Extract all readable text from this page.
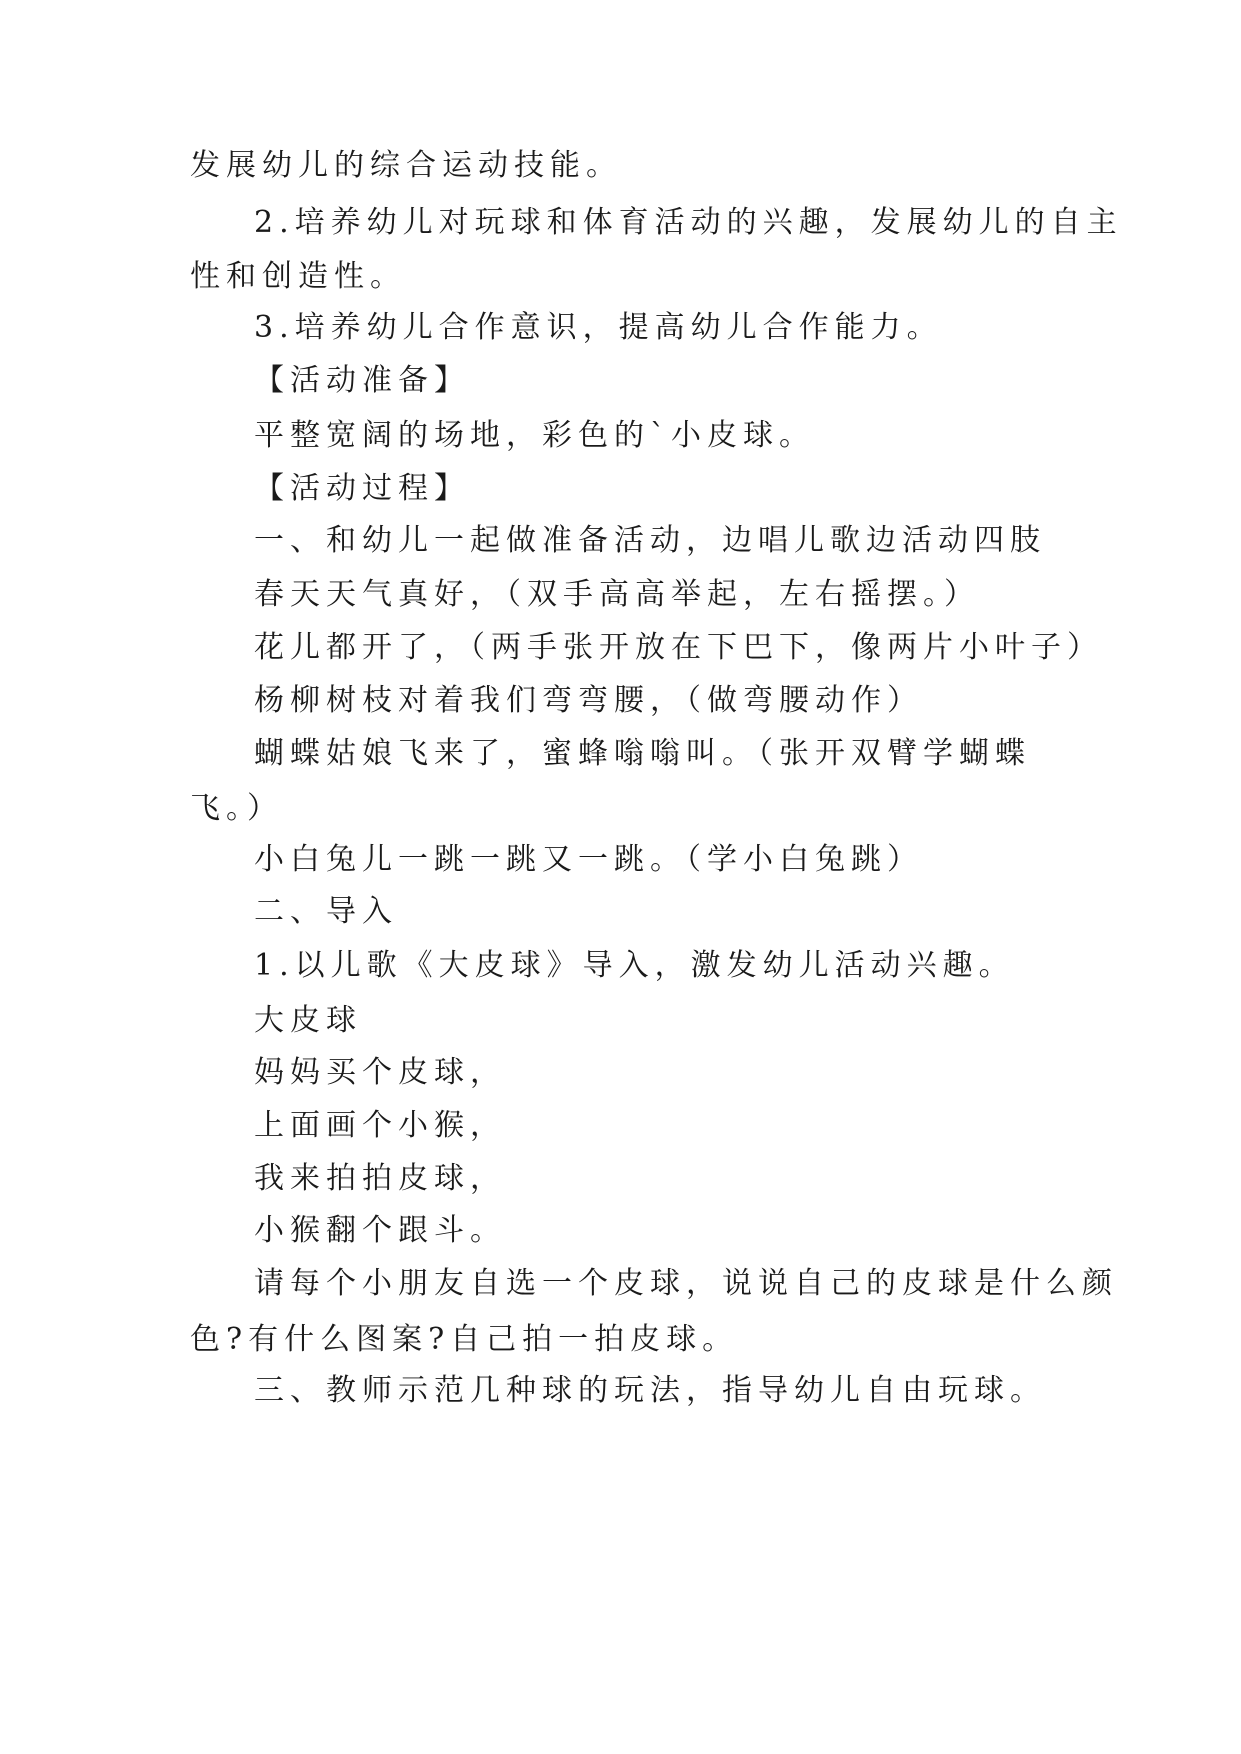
发展幼儿的综合运动技能。
2.培养幼儿对玩球和体育活动的兴趣，发展幼儿的自主
性和创造性。
3.培养幼儿合作意识，提高幼儿合作能力。
【活动准备】
平整宽阔的场地，彩色的`小皮球。
【活动过程】
一、和幼儿一起做准备活动，边唱儿歌边活动四肢
春天天气真好，（双手高高举起，左右摇摆。）
花儿都开了，（两手张开放在下巴下，像两片小叶子）
杨柳树枝对着我们弯弯腰，（做弯腰动作）
蝴蝶姑娘飞来了，蜜蜂嗡嗡叫。（张开双臂学蝴蝶
飞。）
小白兔儿一跳一跳又一跳。（学小白兔跳）
二、导入
1.以儿歌《大皮球》导入，激发幼儿活动兴趣。
大皮球
妈妈买个皮球，
上面画个小猴，
我来拍拍皮球，
小猴翻个跟斗。
请每个小朋友自选一个皮球，说说自己的皮球是什么颜
色?有什么图案?自己拍一拍皮球。
三、教师示范几种球的玩法，指导幼儿自由玩球。
